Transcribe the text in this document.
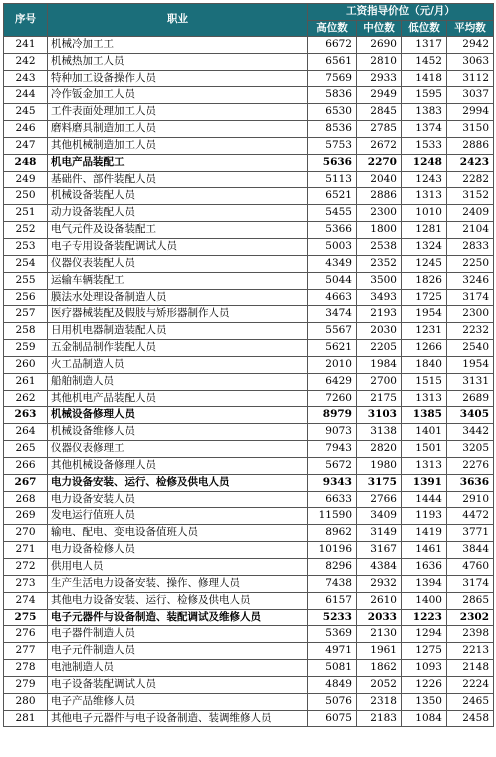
序号	职业	工资指导价位（元/月）			
		高位数	中位数	低位数	平均数
241	机械冷加工工	6672	2690	1317	2942
242	机械热加工人员	6561	2810	1452	3063
243	特种加工设备操作人员	7569	2933	1418	3112
244	冷作钣金加工人员	5836	2949	1595	3037
245	工件表面处理加工人员	6530	2845	1383	2994
246	磨料磨具制造加工人员	8536	2785	1374	3150
247	其他机械制造加工人员	5753	2672	1533	2886
248	机电产品装配工	5636	2270	1248	2423
249	基础件、部件装配人员	5113	2040	1243	2282
250	机械设备装配人员	6521	2886	1313	3152
251	动力设备装配人员	5455	2300	1010	2409
252	电气元件及设备装配工	5366	1800	1281	2104
253	电子专用设备装配调试人员	5003	2538	1324	2833
254	仪器仪表装配人员	4349	2352	1245	2250
255	运输车辆装配工	5044	3500	1826	3246
256	膜法水处理设备制造人员	4663	3493	1725	3174
257	医疗器械装配及假肢与矫形器制作人员	3474	2193	1954	2300
258	日用机电器制造装配人员	5567	2030	1231	2232
259	五金制品制作装配人员	5621	2205	1266	2540
260	火工品制造人员	2010	1984	1840	1954
261	船舶制造人员	6429	2700	1515	3131
262	其他机电产品装配人员	7260	2175	1313	2689
263	机械设备修理人员	8979	3103	1385	3405
264	机械设备维修人员	9073	3138	1401	3442
265	仪器仪表修理工	7943	2820	1501	3205
266	其他机械设备修理人员	5672	1980	1313	2276
267	电力设备安装、运行、检修及供电人员	9343	3175	1391	3636
268	电力设备安装人员	6633	2766	1444	2910
269	发电运行值班人员	11590	3409	1193	4472
270	输电、配电、变电设备值班人员	8962	3149	1419	3771
271	电力设备检修人员	10196	3167	1461	3844
272	供用电人员	8296	4384	1636	4760
273	生产生活电力设备安装、操作、修理人员	7438	2932	1394	3174
274	其他电力设备安装、运行、检修及供电人员	6157	2610	1400	2865
275	电子元器件与设备制造、装配调试及维修人员	5233	2033	1223	2302
276	电子器件制造人员	5369	2130	1294	2398
277	电子元件制造人员	4971	1961	1275	2213
278	电池制造人员	5081	1862	1093	2148
279	电子设备装配调试人员	4849	2052	1226	2224
280	电子产品维修人员	5076	2318	1350	2465
281	其他电子元器件与电子设备制造、装调维修人员	6075	2183	1084	2458
